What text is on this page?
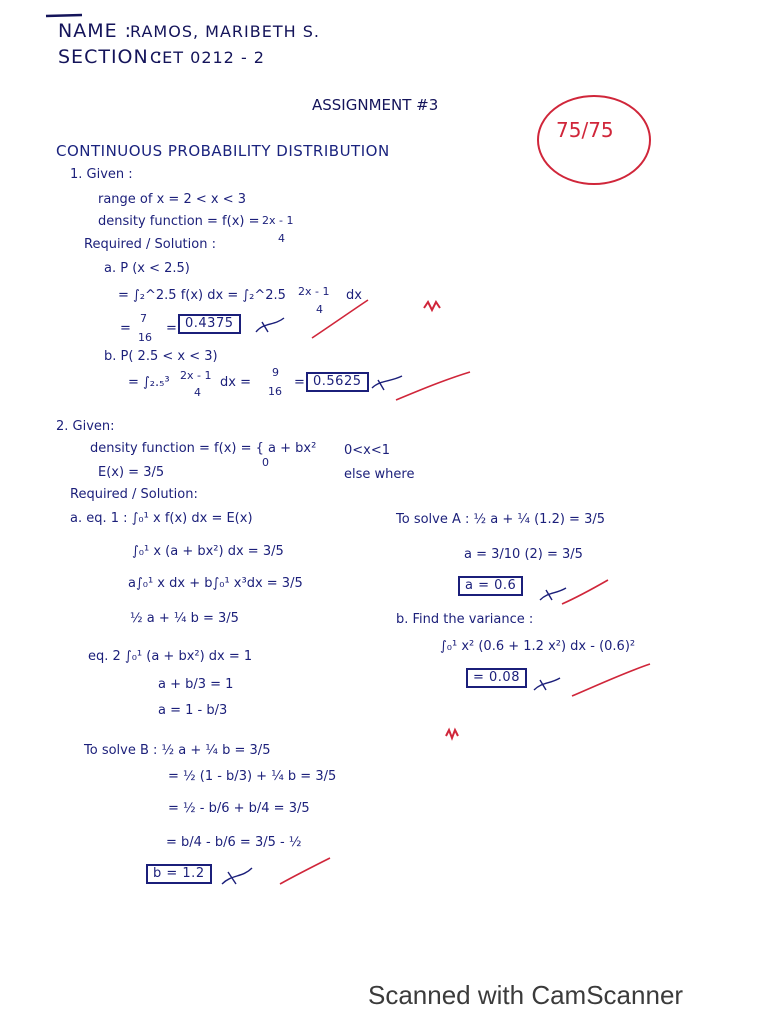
NAME :
RAMOS, MARIBETH S.
SECTION :
CET 0212 - 2
ASSIGNMENT #3
75/75
CONTINUOUS PROBABILITY DISTRIBUTION
1. Given :
range of x = 2 < x < 3
density function = f(x) = 2x - 1
4
Required / Solution :
a. P (x < 2.5)
= ∫₂^2.5 f(x) dx = ∫₂^2.5 2x - 1
4
dx
=
7
16
= 0.4375
b. P( 2.5 < x < 3)
= ∫₂.₅³ 2x - 1
4
dx =
9
16
= 0.5625
2. Given:
density function = f(x) = { a + bx²
0
0<x<1
E(x) = 3/5	else where
Required / Solution:
a. eq. 1 : ∫₀¹ x f(x) dx = E(x)
∫₀¹ x (a + bx²) dx = 3/5
a∫₀¹ x dx + b∫₀¹ x³dx = 3/5
½ a + ¼ b = 3/5
eq. 2 ∫₀¹ (a + bx²) dx = 1
a + b/3 = 1
a = 1 - b/3
To solve A : ½ a + ¼ (1.2) = 3/5
a = 3/10 (2) = 3/5
a = 0.6
b. Find the variance :
∫₀¹ x² (0.6 + 1.2 x²) dx - (0.6)²
= 0.08
To solve B : ½ a + ¼ b = 3/5
= ½ (1 - b/3) + ¼ b = 3/5
= ½ - b/6 + b/4 = 3/5
= b/4 - b/6 = 3/5 - ½
b = 1.2
Scanned with CamScanner
